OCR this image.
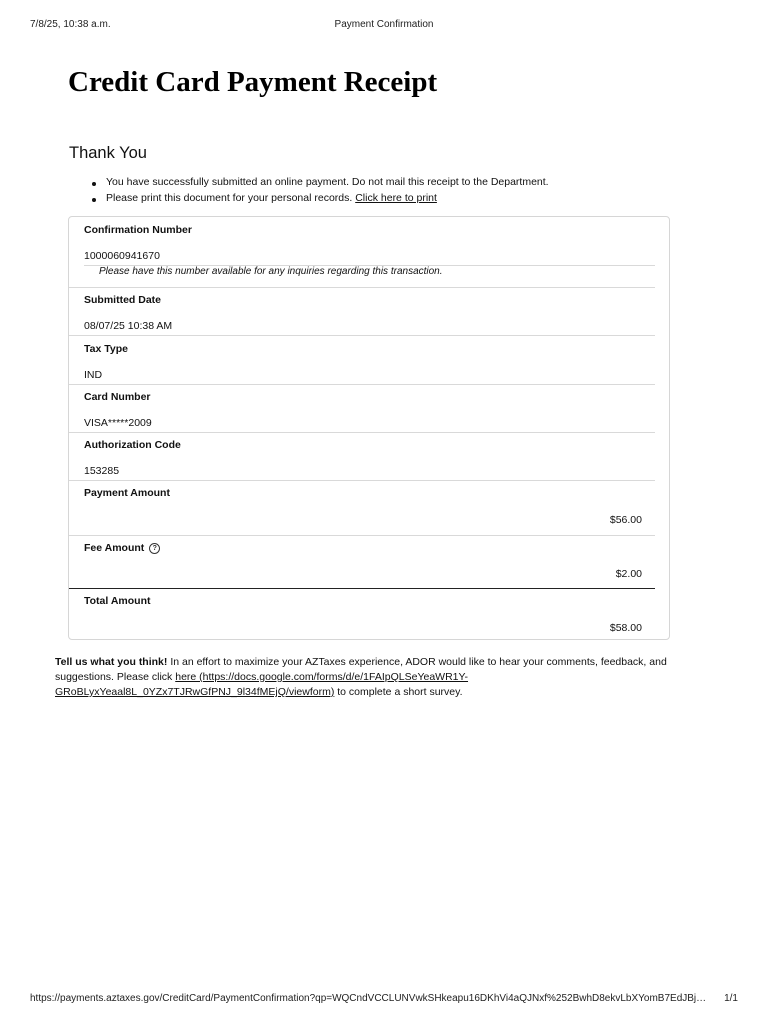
7/8/25, 10:38 a.m.	Payment Confirmation
Credit Card Payment Receipt
Thank You
You have successfully submitted an online payment. Do not mail this receipt to the Department.
Please print this document for your personal records. Click here to print
Confirmation Number
1000060941670
Please have this number available for any inquiries regarding this transaction.
Submitted Date
08/07/25 10:38 AM
Tax Type
IND
Card Number
VISA*****2009
Authorization Code
153285
Payment Amount
$56.00
Fee Amount ?
$2.00
Total Amount
$58.00

Tell us what you think! In an effort to maximize your AZTaxes experience, ADOR would like to hear your comments, feedback, and suggestions. Please click here (https://docs.google.com/forms/d/e/1FAIpQLSeYeaWR1Y-GRoBLyxYeaal8L_0YZx7TJRwGfPNJ_9l34fMEjQ/viewform) to complete a short survey.

https://payments.aztaxes.gov/CreditCard/PaymentConfirmation?qp=WQCndVCCLUNVwkSHkeapu16DKhVi4aQJNxf%252BwhD8ekvLbXYomB7EdJBj…	1/1
